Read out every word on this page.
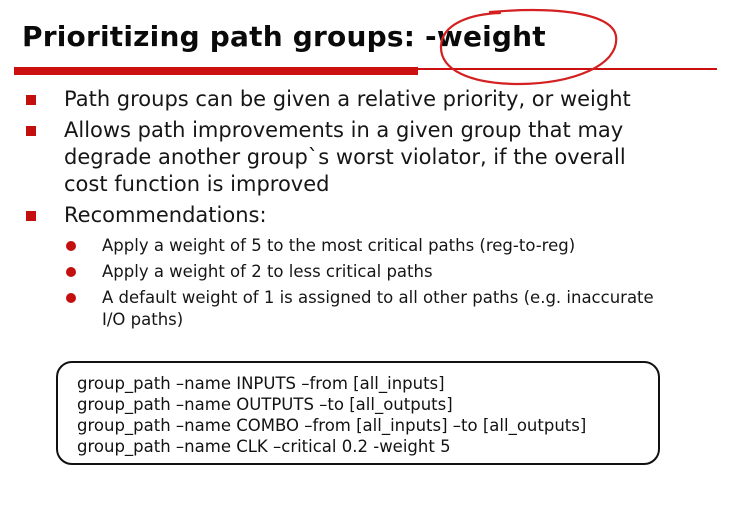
Prioritizing path groups: -weight
Path groups can be given a relative priority, or weight
Allows path improvements in a given group that may degrade another group`s worst violator, if the overall cost function is improved
Recommendations:
Apply a weight of 5 to the most critical paths (reg-to-reg)
Apply a weight of 2 to less critical paths
A default weight of 1 is assigned to all other paths (e.g. inaccurate I/O paths)
group_path –name INPUTS –from [all_inputs]
group_path –name OUTPUTS –to [all_outputs]
group_path –name COMBO –from [all_inputs] –to [all_outputs]
group_path –name CLK –critical 0.2 -weight 5
